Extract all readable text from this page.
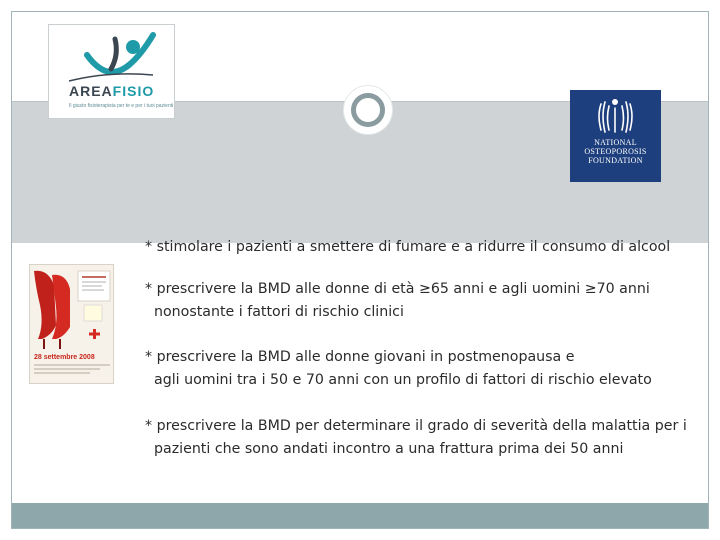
AREAFISIO
Il giusto fisioterapista per te e per i tuoi pazienti
NATIONAL
OSTEOPOROSIS
FOUNDATION
28 settembre 2008
* stimolare i pazienti a smettere di fumare e a ridurre il consumo di alcool
* prescrivere la BMD alle donne di età ≥65 anni e agli uomini ≥70 anni
nonostante i fattori di rischio clinici
* prescrivere la BMD alle donne giovani in postmenopausa e
agli uomini tra i 50 e 70 anni con un profilo di fattori di rischio elevato
* prescrivere la BMD per determinare il grado di severità della malattia per i
pazienti che sono andati incontro a una frattura prima dei 50 anni
